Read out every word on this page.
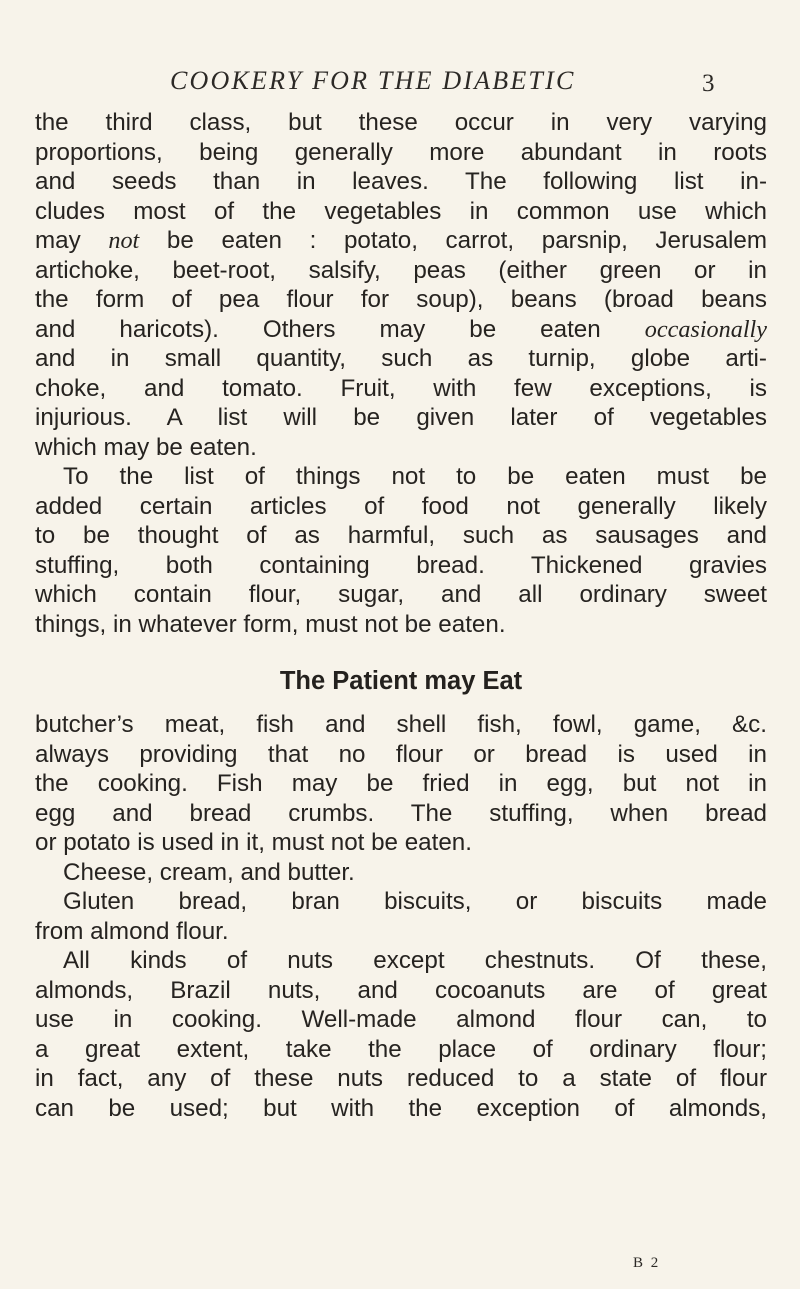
COOKERY FOR THE DIABETIC	3
the third class, but these occur in very varying
proportions, being generally more abundant in roots
and seeds than in leaves. The following list in-
cludes most of the vegetables in common use which
may not be eaten : potato, carrot, parsnip, Jerusalem
artichoke, beet-root, salsify, peas (either green or in
the form of pea flour for soup), beans (broad beans
and haricots). Others may be eaten occasionally
and in small quantity, such as turnip, globe arti-
choke, and tomato. Fruit, with few exceptions, is
injurious. A list will be given later of vegetables
which may be eaten.
To the list of things not to be eaten must be
added certain articles of food not generally likely
to be thought of as harmful, such as sausages and
stuffing, both containing bread. Thickened gravies
which contain flour, sugar, and all ordinary sweet
things, in whatever form, must not be eaten.
The Patient may Eat
butcher’s meat, fish and shell fish, fowl, game, &c.
always providing that no flour or bread is used in
the cooking. Fish may be fried in egg, but not in
egg and bread crumbs. The stuffing, when bread
or potato is used in it, must not be eaten.
Cheese, cream, and butter.
Gluten bread, bran biscuits, or biscuits made
from almond flour.
All kinds of nuts except chestnuts. Of these,
almonds, Brazil nuts, and cocoanuts are of great
use in cooking. Well-made almond flour can, to
a great extent, take the place of ordinary flour;
in fact, any of these nuts reduced to a state of flour
can be used; but with the exception of almonds,
B 2
